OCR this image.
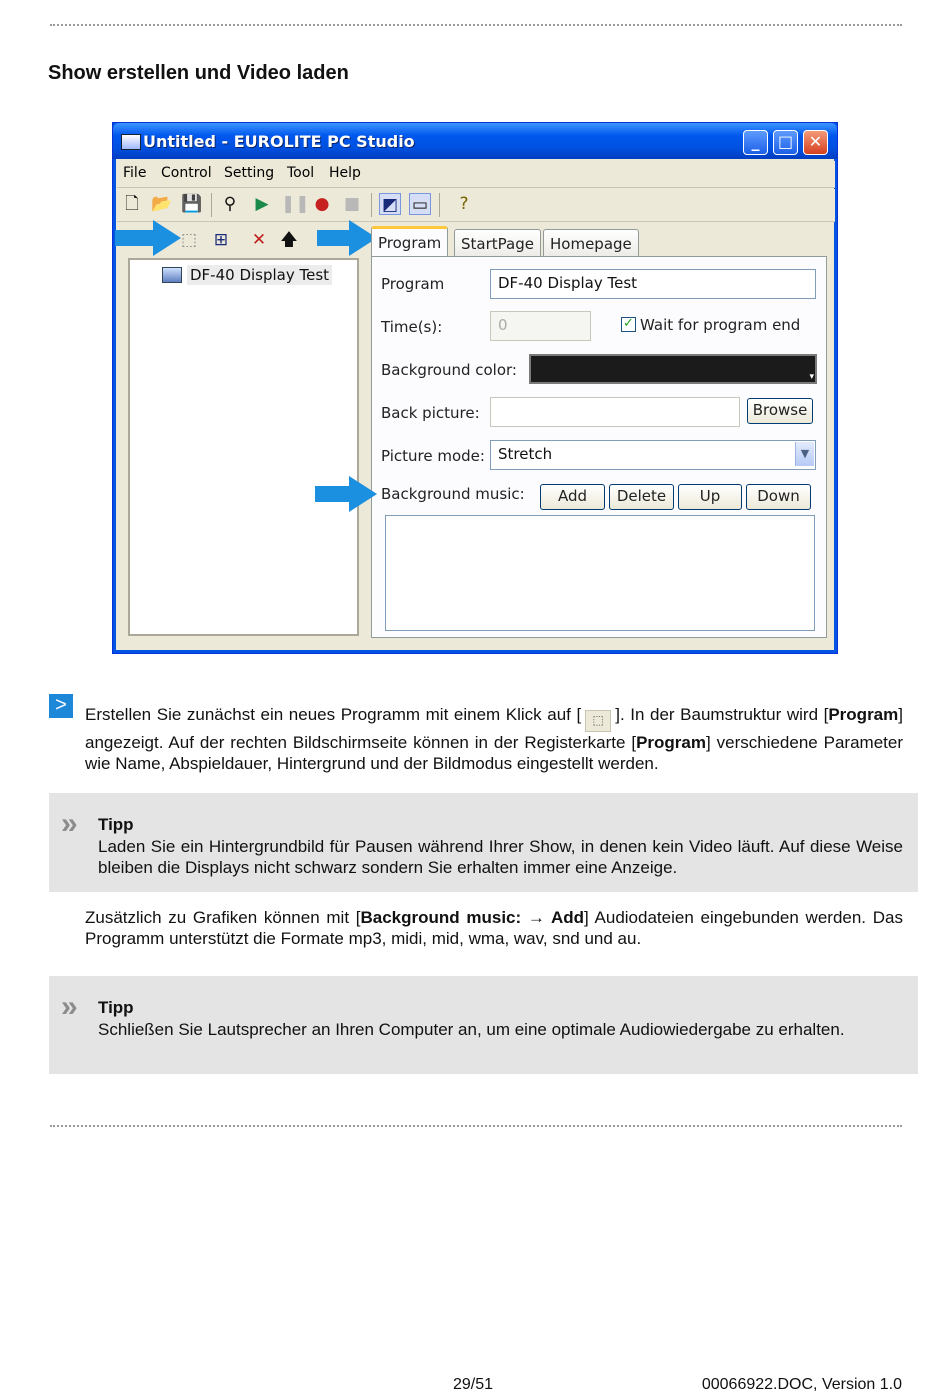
Show erstellen und Video laden
Untitled - EUROLITE PC Studio	_	□ ✕
File Control Setting Tool Help
🗋 📂 💾 ⚲ ▶ ❚❚ ● ■ ◩ ▭	?
⬚ ⊞ ✕ 🡅
DF-40 Display Test
Program	StartPage	Homepage
Program	DF-40 Display Test
Time(s):	0	✓ Wait for program end
Background color:	▾
Back picture:	Browse
Picture mode: Stretch	▼
Background music:	Add	Delete	Up	Down
>	Erstellen Sie zunächst ein neues Programm mit einem Klick auf [ ⬚ ]. In der Baumstruktur wird [Program] angezeigt. Auf der rechten Bildschirmseite können in der Registerkarte [Program] verschiedene Parameter wie Name, Abspieldauer, Hintergrund und der Bildmodus eingestellt werden.
» Tipp
Laden Sie ein Hintergrundbild für Pausen während Ihrer Show, in denen kein Video läuft. Auf diese Weise bleiben die Displays nicht schwarz sondern Sie erhalten immer eine Anzeige.
Zusätzlich zu Grafiken können mit [Background music: → Add] Audiodateien eingebunden werden. Das Programm unterstützt die Formate mp3, midi, mid, wma, wav, snd und au.
» Tipp
Schließen Sie Lautsprecher an Ihren Computer an, um eine optimale Audiowiedergabe zu erhalten.
29/51	00066922.DOC, Version 1.0
